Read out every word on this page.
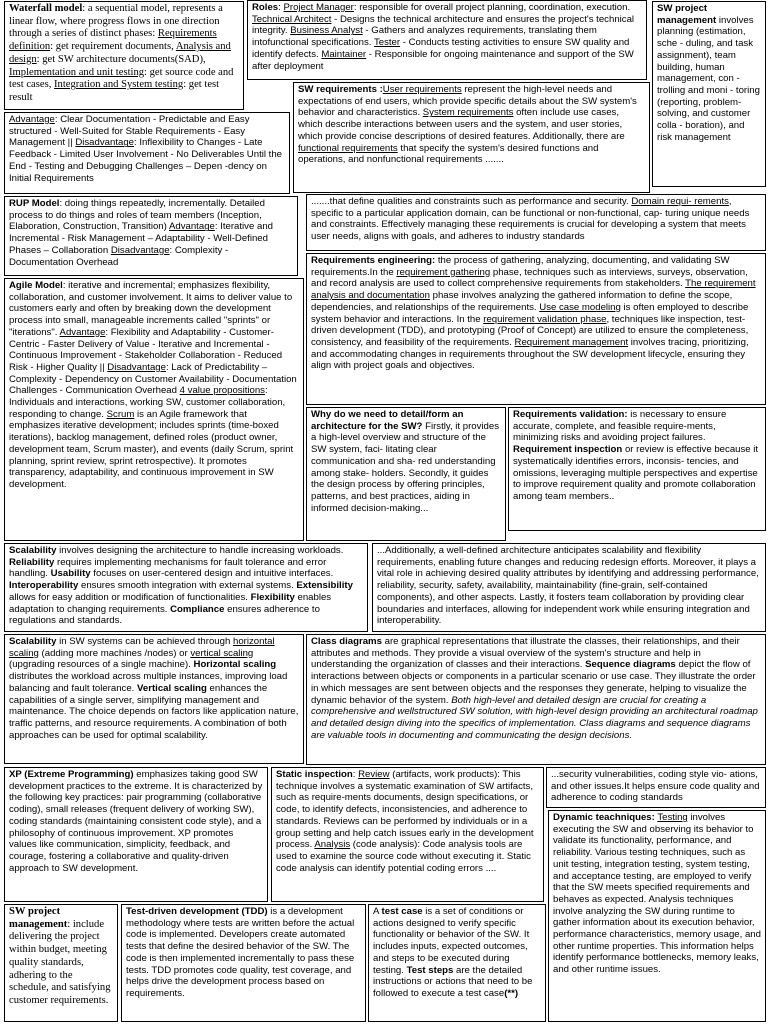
Waterfall model: a sequential model, represents a linear flow, where progress flows in one direction through a series of distinct phases: Requirements definition: get requirement documents, Analysis and design: get SW architecture documents(SAD), Implementation and unit testing: get source code and test cases, Integration and System testing: get test result
Roles: Project Manager: responsible for overall project planning, coordination, execution. Technical Architect - Designs the technical architecture and ensures the project's technical integrity. Business Analyst - Gathers and analyzes requirements, translating them intofunctional specifications. Tester - Conducts testing activities to ensure SW quality and identify defects. Maintainer - Responsible for ongoing maintenance and support of the SW after deployment
SW project management involves planning (estimation, sche - duling, and task assignment), team building, human management, con - trolling and moni - toring (reporting, problem-solving, and customer colla - boration), and risk management
Advantage: Clear Documentation - Predictable and Easy structured - Well-Suited for Stable Requirements - Easy Management || Disadvantage: Inflexibility to Changes - Late Feedback - Limited User Involvement - No Deliverables Until the End - Testing and Debugging Challenges – Depen -dency on Initial Requirements
SW requirements :User requirements represent the high-level needs and expectations of end users, which provide specific details about the SW system's behavior and characteristics. System requirements often include use cases, which describe interactions between users and the system, and user stories, which provide concise descriptions of desired features. Additionally, there are functional requirements that specify the system's desired functions and operations, and nonfunctional requirements .......
RUP Model: doing things repeatedly, incrementally. Detailed process to do things and roles of team members (Inception, Elaboration, Construction, Transition) Advantage: Iterative and Incremental - Risk Management – Adaptability - Well-Defined Phases – Collaboration Disadvantage: Complexity - Documentation Overhead
.......that define qualities and constraints such as performance and security. Domain requi- rements, specific to a particular application domain, can be functional or non-functional, cap- turing unique needs and constraints. Effectively managing these requirements is crucial for developing a system that meets user needs, aligns with goals, and adheres to industry standards
Requirements engineering: the process of gathering, analyzing, documenting, and validating SW requirements.In the requirement gathering phase, techniques such as interviews, surveys, observation, and record analysis are used to collect comprehensive requirements from stakeholders. The requirement analysis and documentation phase involves analyzing the gathered information to define the scope, dependencies, and relationships of the requirements. Use case modeling is often employed to describe system behavior and interactions. In the requirement validation phase, techniques like inspection, test-driven development (TDD), and prototyping (Proof of Concept) are utilized to ensure the completeness, consistency, and feasibility of the requirements. Requirement management involves tracing, prioritizing, and accommodating changes in requirements throughout the SW development lifecycle, ensuring they align with project goals and objectives.
Agile Model: iterative and incremental; emphasizes flexibility, collaboration, and customer involvement. It aims to deliver value to customers early and often by breaking down the development process into small, manageable increments called "sprints" or "iterations". Advantage: Flexibility and Adaptability - Customer-Centric - Faster Delivery of Value - Iterative and Incremental - Continuous Improvement - Stakeholder Collaboration - Reduced Risk - Higher Quality || Disadvantage: Lack of Predictability – Complexity - Dependency on Customer Availability - Documentation Challenges - Communication Overhead 4 value propositions: Individuals and interactions, working SW, customer collaboration, responding to change. Scrum is an Agile framework that emphasizes iterative development; includes sprints (time-boxed iterations), backlog management, defined roles (product owner, development team, Scrum master), and events (daily Scrum, sprint planning, sprint review, sprint retrospective). It promotes transparency, adaptability, and continuous improvement in SW development.
Why do we need to detail/form an architecture for the SW? Firstly, it provides a high-level overview and structure of the SW system, faci- litating clear communication and sha- red understanding among stake- holders. Secondly, it guides the design process by offering principles, patterns, and best practices, aiding in informed decision-making...
Requirements validation: is necessary to ensure accurate, complete, and feasible require-ments, minimizing risks and avoiding project failures. Requirement inspection or review is effective because it systematically identifies errors, inconsis- tencies, and omissions, leveraging multiple perspectives and expertise to improve requirement quality and promote collaboration among team members..
Scalability involves designing the architecture to handle increasing workloads. Reliability requires implementing mechanisms for fault tolerance and error handling. Usability focuses on user-centered design and intuitive interfaces. Interoperability ensures smooth integration with external systems. Extensibility allows for easy addition or modification of functionalities. Flexibility enables adaptation to changing requirements. Compliance ensures adherence to regulations and standards.
...Additionally, a well-defined architecture anticipates scalability and flexibility requirements, enabling future changes and reducing redesign efforts. Moreover, it plays a vital role in achieving desired quality attributes by identifying and addressing performance, reliability, security, safety, availability, maintainability (fine-grain, self-contained components), and other aspects. Lastly, it fosters team collaboration by providing clear boundaries and interfaces, allowing for independent work while ensuring integration and interoperability.
Scalability in SW systems can be achieved through horizontal scaling (adding more machines /nodes) or vertical scaling (upgrading resources of a single machine). Horizontal scaling distributes the workload across multiple instances, improving load balancing and fault tolerance. Vertical scaling enhances the capabilities of a single server, simplifying management and maintenance. The choice depends on factors like application nature, traffic patterns, and resource requirements. A combination of both approaches can be used for optimal scalability.
Class diagrams are graphical representations that illustrate the classes, their relationships, and their attributes and methods. They provide a visual overview of the system's structure and help in understanding the organization of classes and their interactions. Sequence diagrams depict the flow of interactions between objects or components in a particular scenario or use case. They illustrate the order in which messages are sent between objects and the responses they generate, helping to visualize the dynamic behavior of the system. Both high-level and detailed design are crucial for creating a comprehensive and wellstructured SW solution, with high-level design providing an architectural roadmap and detailed design diving into the specifics of implementation. Class diagrams and sequence diagrams are valuable tools in documenting and communicating the design decisions.
XP (Extreme Programming) emphasizes taking good SW development practices to the extreme. It is characterized by the following key practices: pair programming (collaborative coding), small releases (frequent delivery of working SW), coding standards (maintaining consistent code style), and a philosophy of continuous improvement. XP promotes values like communication, simplicity, feedback, and courage, fostering a collaborative and quality-driven approach to SW development.
Static inspection: Review (artifacts, work products): This technique involves a systematic examination of SW artifacts, such as require-ments documents, design specifications, or code, to identify defects, inconsistencies, and adherence to standards. Reviews can be performed by individuals or in a group setting and help catch issues early in the development process. Analysis (code analysis): Code analysis tools are used to examine the source code without executing it. Static code analysis can identify potential coding errors ....
...security vulnerabilities, coding style vio- ations, and other issues.It helps ensure code quality and adherence to coding standards
Dynamic teachniques: Testing involves executing the SW and observing its behavior to validate its functionality, performance, and reliability. Various testing techniques, such as unit testing, integration testing, system testing, and acceptance testing, are employed to verify that the SW meets specified requirements and behaves as expected. Analysis techniques involve analyzing the SW during runtime to gather information about its execution behavior, performance characteristics, memory usage, and other runtime properties. This information helps identify performance bottlenecks, memory leaks, and other runtime issues.
SW project management: include delivering the project within budget, meeting quality standards, adhering to the schedule, and satisfying customer requirements.
Test-driven development (TDD) is a development methodology where tests are written before the actual code is implemented. Developers create automated tests that define the desired behavior of the SW. The code is then implemented incrementally to pass these tests. TDD promotes code quality, test coverage, and helps drive the development process based on requirements.
A test case is a set of conditions or actions designed to verify specific functionality or behavior of the SW. It includes inputs, expected outcomes, and steps to be executed during testing. Test steps are the detailed instructions or actions that need to be followed to execute a test case(**)
